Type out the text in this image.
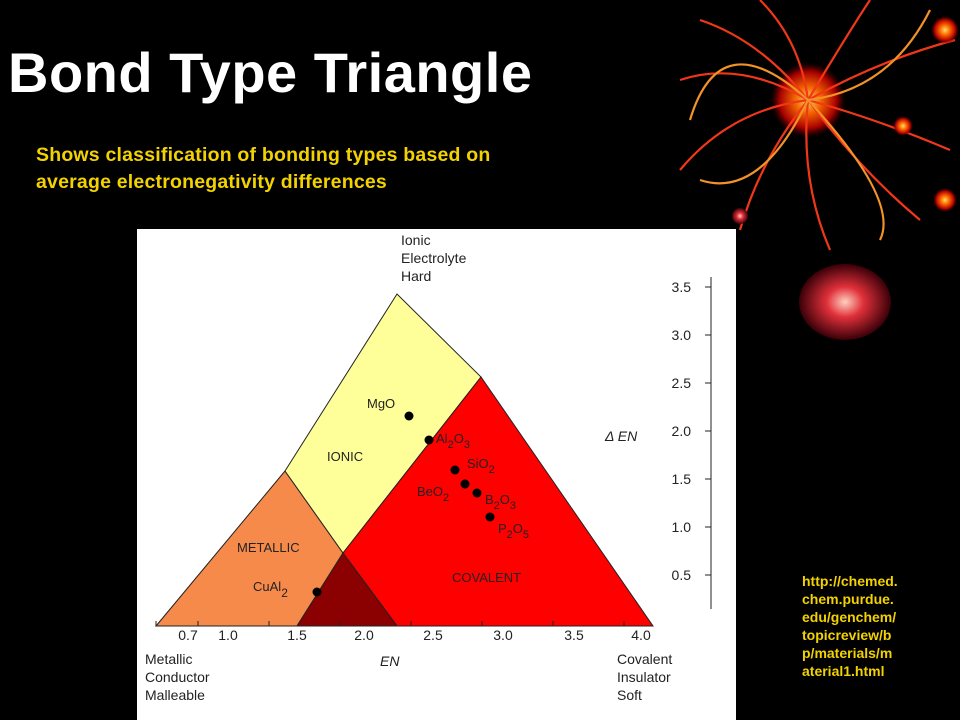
Bond Type Triangle
Shows classification of bonding types based on
average electronegativity differences
IONIC
METALLIC
COVALENT
MgO
$Al_2O_3$
SiO$_2$
BeO$_2$	$B_2O_3$
$P_2O_5$
CuAl2
0.7 1.0	1.5	2.0	2.5	3.0	3.5	4.0
EN
3.5
3.0
2.5
2.0
1.5
1.0
0.5
Δ EN
Ionic
Electrolyte
Hard
Metallic
Conductor
Malleable
Covalent
Insulator
Soft
http://chemed.
chem.purdue.
edu/genchem/
topicreview/b
p/materials/m
aterial1.html
